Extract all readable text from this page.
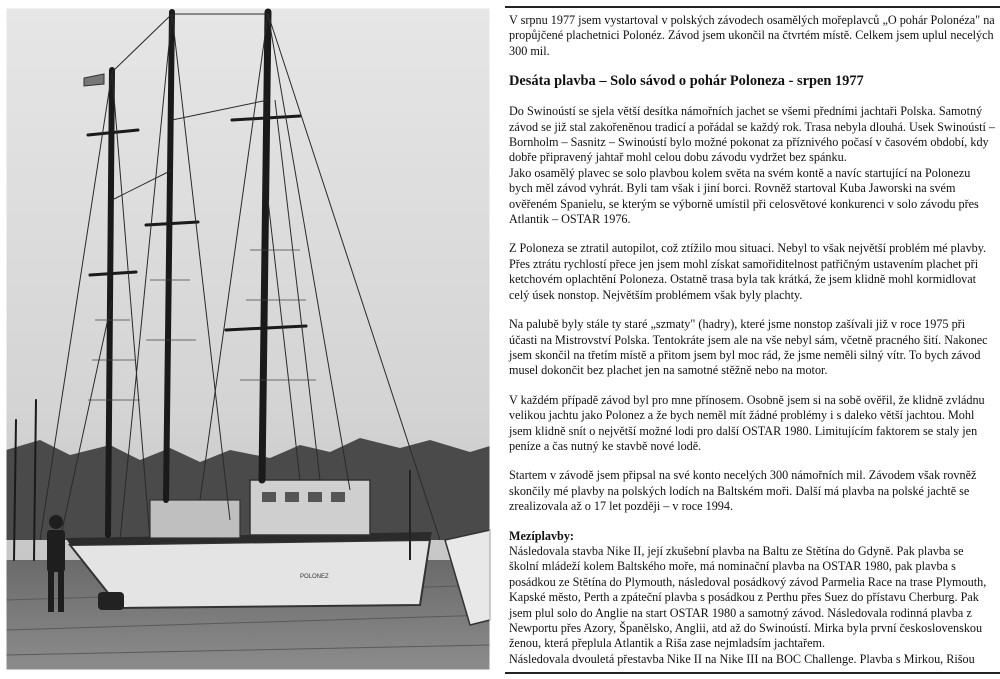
POLONEZ

V srpnu 1977 jsem vystartoval v polských závodech osamělých mořeplavců „O pohár Polonéza" na propůjčené plachetnici Polonéz. Závod jsem ukončil na čtvrtém místě. Celkem jsem uplul necelých 300 mil.

Desáta plavba – Solo sávod o pohár Poloneza - srpen 1977

Do Swinoústí se sjela větší desítka námořních jachet se všemi předními jachtaři Polska. Samotný závod se již stal zakořeněnou tradicí a pořádal se každý rok. Trasa nebyla dlouhá. Usek Swinoústí – Bornholm – Sasnitz – Swinoústí bylo možné pokonat za příznivého počasí v časovém období, kdy dobře připravený jahtař mohl celou dobu závodu vydržet bez spánku.

Jako osamělý plavec se solo plavbou kolem světa na svém kontě a navíc startující na Polonezu bych měl závod vyhrát. Byli tam však i jiní borci. Rovněž startoval Kuba Jaworski na svém ověřeném Spanielu, se kterým se výborně umístil při celosvětové konkurenci v solo závodu přes Atlantik – OSTAR 1976.

Z Poloneza se ztratil autopilot, což ztížilo mou situaci. Nebyl to však největší problém mé plavby. Přes ztrátu rychlostí přece jen jsem mohl získat samořiditelnost patřičným ustavením plachet při ketchovém oplachtění Poloneza. Ostatně trasa byla tak krátká, že jsem klidně mohl kormidlovat celý úsek nonstop. Největším problémem však byly plachty.

Na palubě byly stále ty staré „szmaty" (hadry), které jsme nonstop zašívali již v roce 1975 při účasti na Mistrovství Polska. Tentokráte jsem ale na vše nebyl sám, včetně pracného šití. Nakonec jsem skončil na třetím místě a přitom jsem byl moc rád, že jsme neměli silný vítr. To bych závod musel dokončit bez plachet jen na samotné stěžně nebo na motor.

V každém případě závod byl pro mne přínosem. Osobně jsem si na sobě ověřil, že klidně zvládnu velikou jachtu jako Polonez a že bych neměl mít žádné problémy i s daleko větší jachtou. Mohl jsem klidně snít o největší možné lodi pro další OSTAR 1980. Limitujícím faktorem se staly jen peníze a čas nutný ke stavbě nové lodě.

Startem v závodě jsem připsal na své konto necelých 300 námořních mil. Závodem však rovněž skončily mé plavby na polských lodích na Baltském moři. Další má plavba na polské jachtě se zrealizovala až o 17 let později – v roce 1994.

Mezíplavby:

Následovala stavba Nike II, její zkušební plavba na Baltu ze Stětína do Gdyně. Pak plavba se školní mládeží kolem Baltského moře, má nominační plavba na OSTAR 1980, pak plavba s posádkou ze Stětína do Plymouth, následoval posádkový závod Parmelia Race na trase Plymouth, Kapské město, Perth a zpáteční plavba s posádkou z Perthu přes Suez do přístavu Cherburg. Pak jsem plul solo do Anglie na start OSTAR 1980 a samotný závod. Následovala rodinná plavba z Newportu přes Azory, Španělsko, Anglii, atd až do Swinoústí. Mirka byla první československou ženou, která přeplula Atlantik a Riša zase nejmladsím jachtařem.

Následovala dvouletá přestavba Nike II na Nike III na BOC Challenge. Plavba s Mirkou, Rišou
